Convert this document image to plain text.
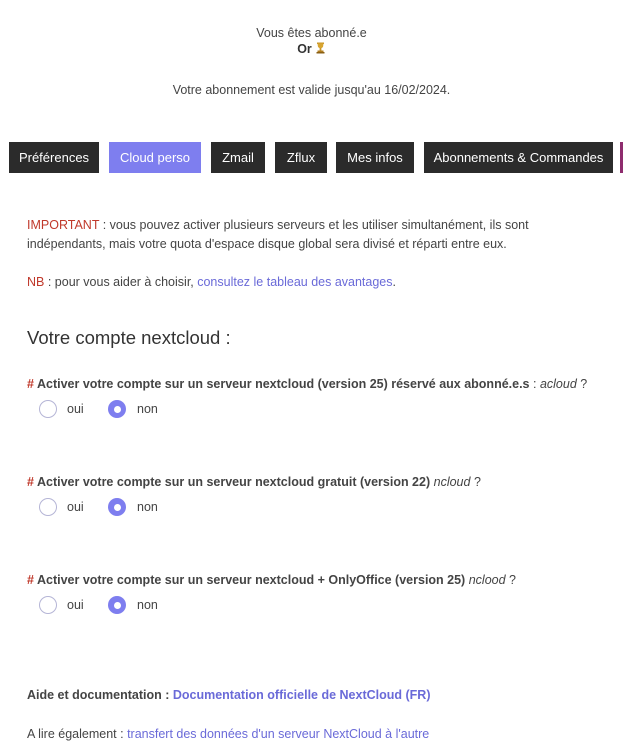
Vous êtes abonné.e
Or
Votre abonnement est valide jusqu'au 16/02/2024.
Préférences	Cloud perso	Zmail	Zflux	Mes infos	Abonnements & Commandes
IMPORTANT : vous pouvez activer plusieurs serveurs et les utiliser simultanément, ils sont indépendants, mais votre quota d'espace disque global sera divisé et réparti entre eux.
NB : pour vous aider à choisir, consultez le tableau des avantages.
Votre compte nextcloud :
# Activer votre compte sur un serveur nextcloud (version 25) réservé aux abonné.e.s : acloud ?
oui	non
# Activer votre compte sur un serveur nextcloud gratuit (version 22) ncloud ?
oui	non
# Activer votre compte sur un serveur nextcloud + OnlyOffice (version 25) nclood ?
oui	non
Aide et documentation : Documentation officielle de NextCloud (FR)
A lire également : transfert des données d'un serveur NextCloud à l'autre
